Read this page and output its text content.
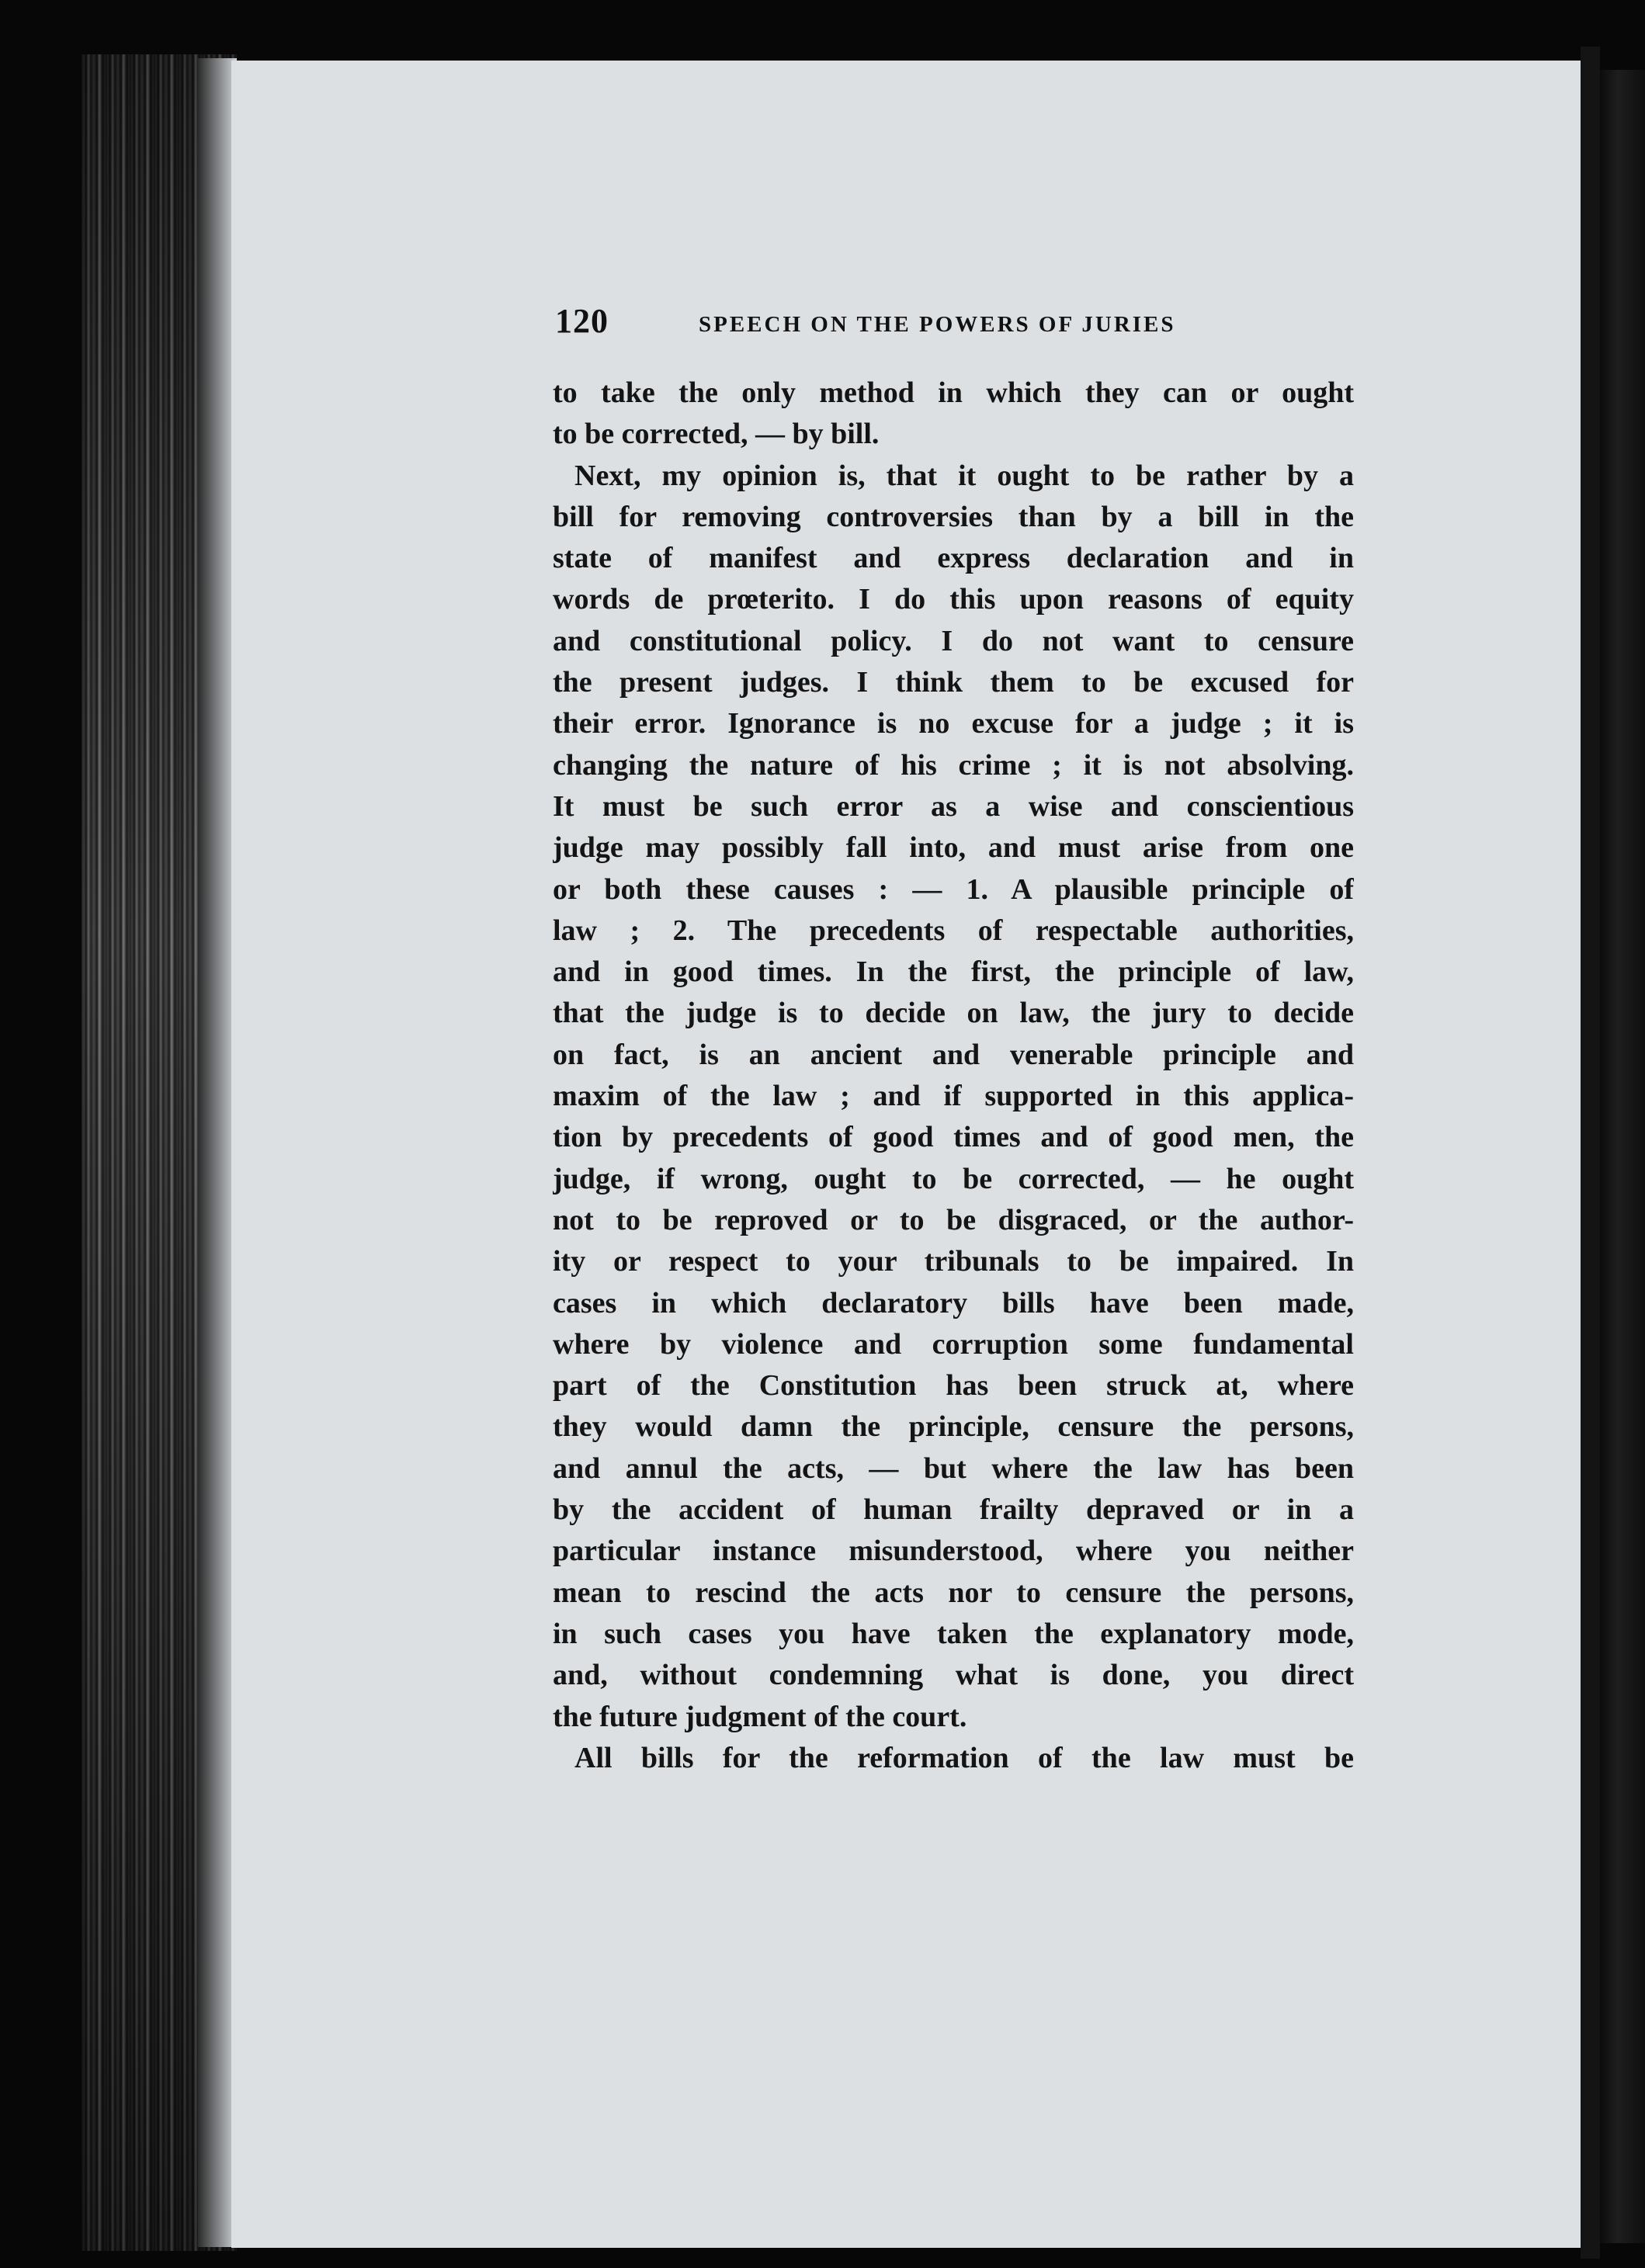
120	SPEECH ON THE POWERS OF JURIES
to take the only method in which they can or ought
to be corrected, — by bill.
Next, my opinion is, that it ought to be rather by a
bill for removing controversies than by a bill in the
state of manifest and express declaration and in
words de prœterito. I do this upon reasons of equity
and constitutional policy. I do not want to censure
the present judges. I think them to be excused for
their error. Ignorance is no excuse for a judge ; it is
changing the nature of his crime ; it is not absolving.
It must be such error as a wise and conscientious
judge may possibly fall into, and must arise from one
or both these causes : — 1. A plausible principle of
law ; 2. The precedents of respectable authorities,
and in good times. In the first, the principle of law,
that the judge is to decide on law, the jury to decide
on fact, is an ancient and venerable principle and
maxim of the law ; and if supported in this applica-
tion by precedents of good times and of good men, the
judge, if wrong, ought to be corrected, — he ought
not to be reproved or to be disgraced, or the author-
ity or respect to your tribunals to be impaired. In
cases in which declaratory bills have been made,
where by violence and corruption some fundamental
part of the Constitution has been struck at, where
they would damn the principle, censure the persons,
and annul the acts, — but where the law has been
by the accident of human frailty depraved or in a
particular instance misunderstood, where you neither
mean to rescind the acts nor to censure the persons,
in such cases you have taken the explanatory mode,
and, without condemning what is done, you direct
the future judgment of the court.
All bills for the reformation of the law must be
